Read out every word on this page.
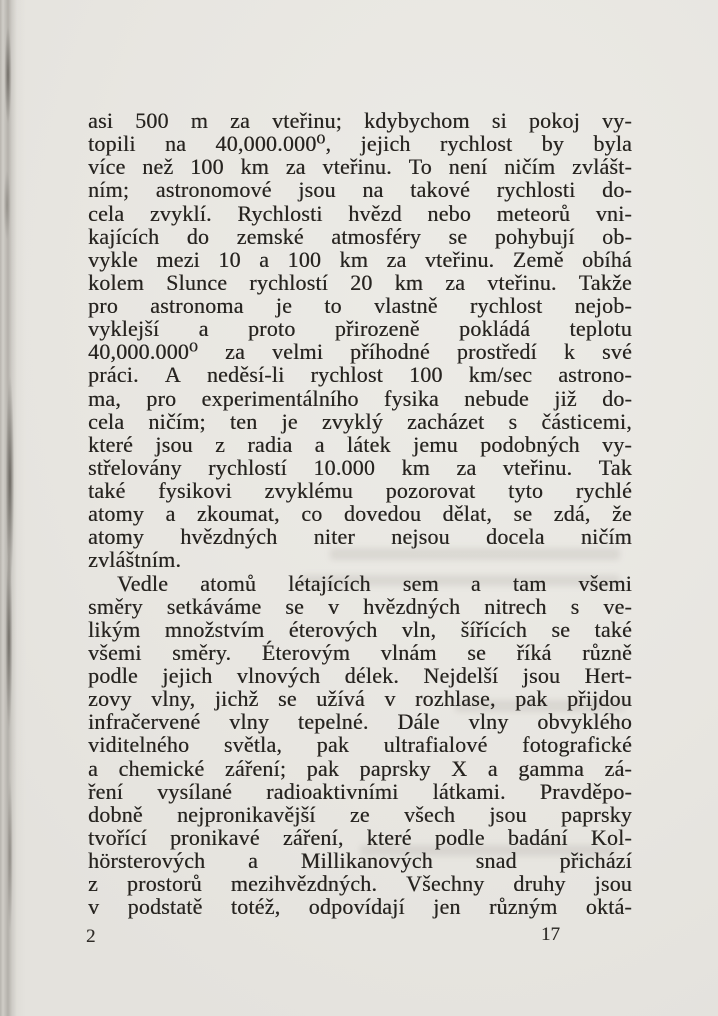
asi 500 m za vteřinu; kdybychom si pokoj vy-
topili na 40,000.000⁰, jejich rychlost by byla
více než 100 km za vteřinu. To není ničím zvlášt-
ním; astronomové jsou na takové rychlosti do-
cela zvyklí. Rychlosti hvězd nebo meteorů vni-
kajících do zemské atmosféry se pohybují ob-
vykle mezi 10 a 100 km za vteřinu. Země obíhá
kolem Slunce rychlostí 20 km za vteřinu. Takže
pro astronoma je to vlastně rychlost nejob-
vyklejší a proto přirozeně pokládá teplotu
40,000.000⁰ za velmi příhodné prostředí k své
práci. A neděsí-li rychlost 100 km/sec astrono-
ma, pro experimentálního fysika nebude již do-
cela ničím; ten je zvyklý zacházet s částicemi,
které jsou z radia a látek jemu podobných vy-
střelovány rychlostí 10.000 km za vteřinu. Tak
také fysikovi zvyklému pozorovat tyto rychlé
atomy a zkoumat, co dovedou dělat, se zdá, že
atomy hvězdných niter nejsou docela ničím
zvláštním.
Vedle atomů létajících sem a tam všemi
směry setkáváme se v hvězdných nitrech s ve-
likým množstvím éterových vln, šířících se také
všemi směry. Éterovým vlnám se říká různě
podle jejich vlnových délek. Nejdelší jsou Hert-
zovy vlny, jichž se užívá v rozhlase, pak přijdou
infračervené vlny tepelné. Dále vlny obvyklého
viditelného světla, pak ultrafialové fotografické
a chemické záření; pak paprsky X a gamma zá-
ření vysílané radioaktivními látkami. Pravděpo-
dobně nejpronikavější ze všech jsou paprsky
tvořící pronikavé záření, které podle badání Kol-
hörsterových a Millikanových snad přichází
z prostorů mezihvězdných. Všechny druhy jsou
v podstatě totéž, odpovídají jen různým oktá-
2	17
